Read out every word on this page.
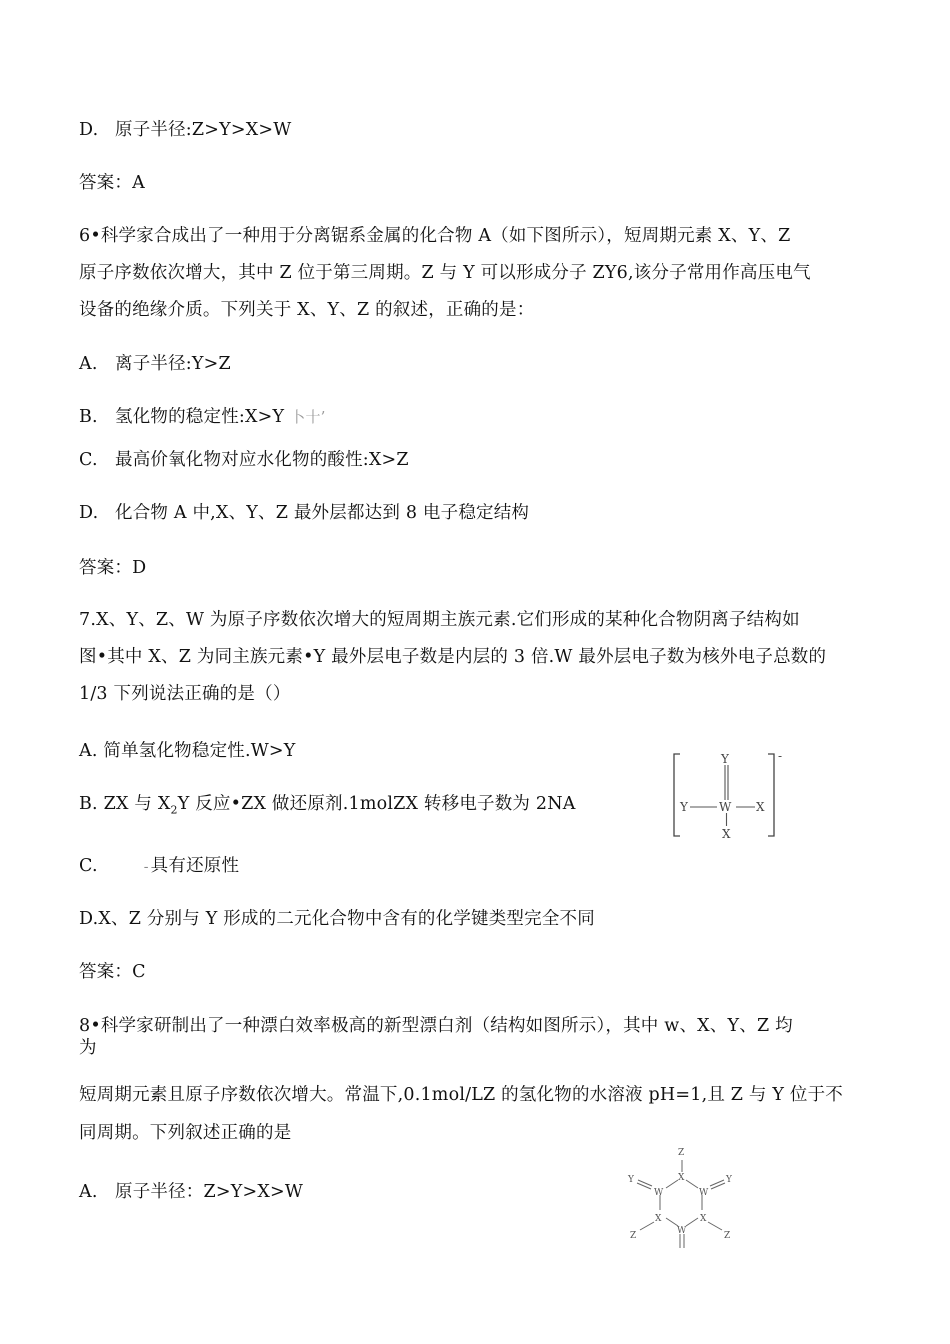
D. 原子半径:Z>Y>X>W
答案：A
6•科学家合成出了一种用于分离锯系金属的化合物 A（如下图所示），短周期元素 X、Y、Z
原子序数依次增大，其中 Z 位于第三周期。Z 与 Y 可以形成分子 ZY6,该分子常用作高压电气
设备的绝缘介质。下列关于 X、Y、Z 的叙述，正确的是：
A. 离子半径:Y>Z
B. 氢化物的稳定性:X>Y 卜十’
C. 最高价氧化物对应水化物的酸性:X>Z
D. 化合物 A 中,X、Y、Z 最外层都达到 8 电子稳定结构
答案：D
7.X、Y、Z、W 为原子序数依次增大的短周期主族元素.它们形成的某种化合物阴离子结构如
图•其中 X、Z 为同主族元素•Y 最外层电子数是内层的 3 倍.W 最外层电子数为核外电子总数的
1/3 下列说法正确的是（）
A. 简单氢化物稳定性.W>Y
B. ZX 与 $X_2Y$ 反应•ZX 做还原剂.1molZX 转移电子数为 2NA
C.	- 具有还原性
D.X、Z 分别与 Y 形成的二元化合物中含有的化学键类型完全不同
答案：C
-
Y
Y	W X
X
8•科学家研制出了一种漂白效率极高的新型漂白剂（结构如图所示），其中 w、X、Y、Z 均
为
短周期元素且原子序数依次增大。常温下,0.1mol/LZ 的氢化物的水溶液 pH=1,且 Z 与 Y 位于不
同周期。下列叙述正确的是
A. 原子半径：Z>Y>X>W
Z
X
Y
W	W
Y
X	X
Z	Z
W
